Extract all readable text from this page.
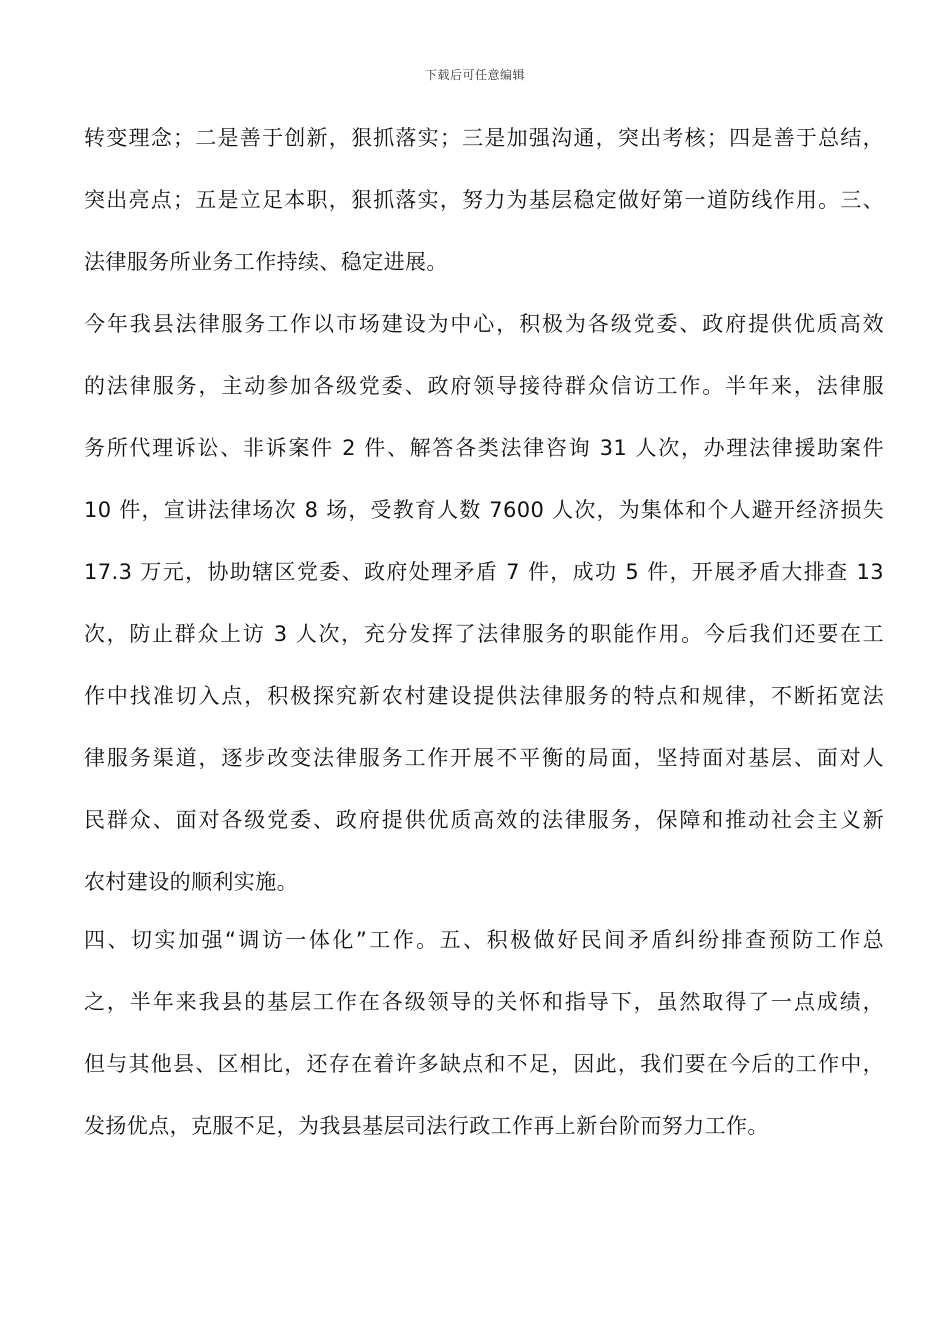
下载后可任意编辑
转变理念；二是善于创新，狠抓落实；三是加强沟通，突出考核；四是善于总结，
突出亮点；五是立足本职，狠抓落实，努力为基层稳定做好第一道防线作用。三、
法律服务所业务工作持续、稳定进展。
今年我县法律服务工作以市场建设为中心，积极为各级党委、政府提供优质高效
的法律服务，主动参加各级党委、政府领导接待群众信访工作。半年来，法律服
务所代理诉讼、非诉案件 2 件、解答各类法律咨询 31 人次，办理法律援助案件
10 件，宣讲法律场次 8 场，受教育人数 7600 人次，为集体和个人避开经济损失
17.3 万元，协助辖区党委、政府处理矛盾 7 件，成功 5 件，开展矛盾大排查 13
次，防止群众上访 3 人次，充分发挥了法律服务的职能作用。今后我们还要在工
作中找准切入点，积极探究新农村建设提供法律服务的特点和规律，不断拓宽法
律服务渠道，逐步改变法律服务工作开展不平衡的局面，坚持面对基层、面对人
民群众、面对各级党委、政府提供优质高效的法律服务，保障和推动社会主义新
农村建设的顺利实施。
四、切实加强“调访一体化”工作。五、积极做好民间矛盾纠纷排查预防工作总
之，半年来我县的基层工作在各级领导的关怀和指导下，虽然取得了一点成绩，
但与其他县、区相比，还存在着许多缺点和不足，因此，我们要在今后的工作中，
发扬优点，克服不足，为我县基层司法行政工作再上新台阶而努力工作。
